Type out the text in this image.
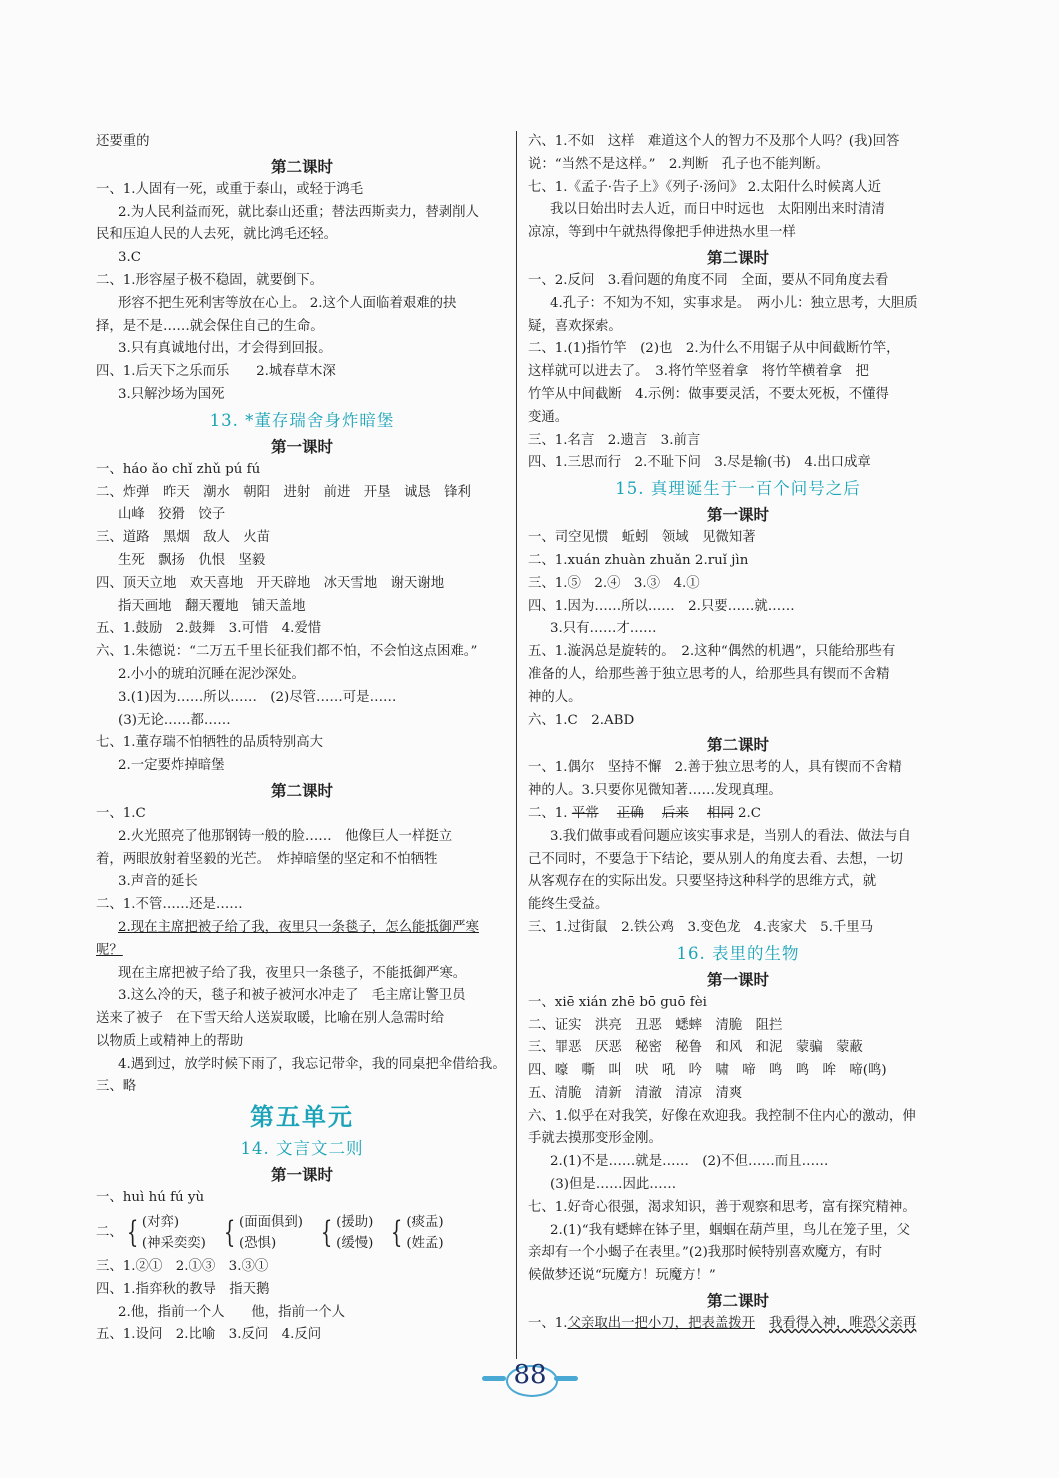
还要重的
第二课时
一、1.人固有一死，或重于泰山，或轻于鸿毛
2.为人民利益而死，就比泰山还重；替法西斯卖力，替剥削人
民和压迫人民的人去死，就比鸿毛还轻。
3.C
二、1.形容屋子极不稳固，就要倒下。
形容不把生死利害等放在心上。 2.这个人面临着艰难的抉
择，是不是……就会保住自己的生命。
3.只有真诚地付出，才会得到回报。
四、1.后天下之乐而乐　　2.城春草木深
3.只解沙场为国死
13. *董存瑞舍身炸暗堡
第一课时
一、háo ǎo chǐ zhǔ pú fú
二、炸弹　昨天　潮水　朝阳　进射　前进　开垦　诚恳　锋利
山峰　狡猾　饺子
三、道路　黑烟　敌人　火苗
生死　飘扬　仇恨　坚毅
四、顶天立地　欢天喜地　开天辟地　冰天雪地　谢天谢地
指天画地　翻天覆地　铺天盖地
五、1.鼓励　2.鼓舞　3.可惜　4.爱惜
六、1.朱德说：“二万五千里长征我们都不怕，不会怕这点困难。”
2.小小的琥珀沉睡在泥沙深处。
3.(1)因为……所以……　(2)尽管……可是……
(3)无论……都……
七、1.董存瑞不怕牺牲的品质特别高大
2.一定要炸掉暗堡
第二课时
一、1.C
2.火光照亮了他那钢铸一般的脸……　他像巨人一样挺立
着，两眼放射着坚毅的光芒。　炸掉暗堡的坚定和不怕牺牲
3.声音的延长
二、1.不管……还是……
2.现在主席把被子给了我，夜里只一条毯子，怎么能抵御严寒
呢？
现在主席把被子给了我，夜里只一条毯子，不能抵御严寒。
3.这么冷的天，毯子和被子被河水冲走了　毛主席让警卫员
送来了被子　在下雪天给人送炭取暖，比喻在别人急需时给
以物质上或精神上的帮助
4.遇到过，放学时候下雨了，我忘记带伞，我的同桌把伞借给我。
三、略
第五单元
14. 文言文二则
第一课时
一、huì hú fú yù
二、 { (对弈)
(神采奕奕) { (面面俱到)
(恐惧)	{ (援助)
(缓慢) { (痰盂)
(姓孟)
三、1.②①　2.①③　3.③①
四、1.指弈秋的教导　指天鹅
2.他，指前一个人　　他，指前一个人
五、1.设问　2.比喻　3.反问　4.反问
六、1.不如　这样　难道这个人的智力不及那个人吗？(我)回答
说：“当然不是这样。”　2.判断　孔子也不能判断。
七、1.《孟子·告子上》《列子·汤问》 2.太阳什么时候离人近
我以日始出时去人近，而日中时远也　太阳刚出来时清清
凉凉，等到中午就热得像把手伸进热水里一样
第二课时
一、2.反问　3.看问题的角度不同　全面，要从不同角度去看
4.孔子：不知为不知，实事求是。　两小儿：独立思考，大胆质
疑，喜欢探索。
二、1.(1)指竹竿　(2)也　2.为什么不用锯子从中间截断竹竿，
这样就可以进去了。　3.将竹竿竖着拿　将竹竿横着拿　把
竹竿从中间截断　4.示例：做事要灵活，不要太死板，不懂得
变通。
三、1.名言　2.遗言　3.前言
四、1.三思而行　2.不耻下问　3.尽是输(书)　4.出口成章
15. 真理诞生于一百个问号之后
第一课时
一、司空见惯　蚯蚓　领域　见微知著
二、1.xuán zhuàn zhuǎn 2.ruǐ jìn
三、1.⑤　2.④　3.③　4.①
四、1.因为……所以……　2.只要……就……
3.只有……才……
五、1.漩涡总是旋转的。　2.这种“偶然的机遇”，只能给那些有
准备的人，给那些善于独立思考的人，给那些具有锲而不舍精
神的人。
六、1.C　2.ABD
第二课时
一、1.偶尔　坚持不懈　2.善于独立思考的人，具有锲而不舍精
神的人。3.只要你见微知著……发现真理。
二、1. 平常 正确 后来 相同 2.C
3.我们做事或看问题应该实事求是，当别人的看法、做法与自
己不同时，不要急于下结论，要从别人的角度去看、去想，一切
从客观存在的实际出发。只要坚持这种科学的思维方式，就
能终生受益。
三、1.过街鼠　2.铁公鸡　3.变色龙　4.丧家犬　5.千里马
16. 表里的生物
第一课时
一、xiē xián zhē bō guō fèi
二、证实　洪亮　丑恶　蟋蟀　清脆　阻拦
三、罪恶　厌恶　秘密　秘鲁　和风　和泥　蒙骗　蒙蔽
四、嚎　嘶　叫　吠　吼　吟　啸　啼　鸣　鸣　哞　啼(鸣)
五、清脆　清新　清澈　清凉　清爽
六、1.似乎在对我笑，好像在欢迎我。我控制不住内心的激动，伸
手就去摸那变形金刚。
2.(1)不是……就是……　(2)不但……而且……
(3)但是……因此……
七、1.好奇心很强，渴求知识，善于观察和思考，富有探究精神。
2.(1)“我有蟋蟀在钵子里，蝈蝈在葫芦里，鸟儿在笼子里，父
亲却有一个小蝎子在表里。”(2)我那时候特别喜欢魔方，有时
候做梦还说“玩魔方！玩魔方！”
第二课时
一、1.父亲取出一把小刀，把表盖拨开 我看得入神，唯恐父亲再
88
